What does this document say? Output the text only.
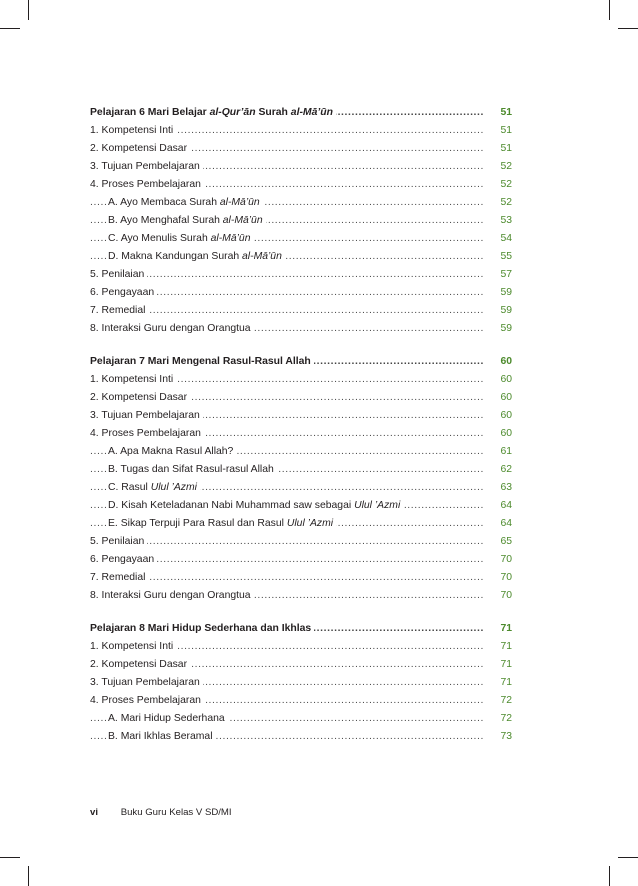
Pelajaran 6 Mari Belajar al-Qur’ān Surah al-Mā’ūn .....	51
1. Kompetensi Inti .....	51
2. Kompetensi Dasar .....	51
3. Tujuan Pembelajaran .....	52
4. Proses Pembelajaran .....	52
A. Ayo Membaca Surah al-Mā’ūn .....	52
B. Ayo Menghafal Surah al-Mā’ūn .....	53
C. Ayo Menulis Surah al-Mā’ūn .....	54
D. Makna Kandungan Surah al-Mā’ūn .....	55
5. Penilaian .....	57
6. Pengayaan .....	59
7. Remedial .....	59
8. Interaksi Guru dengan Orangtua .....	59
Pelajaran 7 Mari Mengenal Rasul-Rasul Allah .....	60
1. Kompetensi Inti .....	60
2. Kompetensi Dasar .....	60
3. Tujuan Pembelajaran .....	60
4. Proses Pembelajaran .....	60
A. Apa Makna Rasul Allah? .....	61
B. Tugas dan Sifat Rasul-rasul Allah .....	62
C. Rasul Ulul ’Azmi .....	63
D. Kisah Keteladanan Nabi Muhammad saw sebagai Ulul ’Azmi .....	64
E. Sikap Terpuji Para Rasul dan Rasul Ulul ’Azmi .....	64
5. Penilaian .....	65
6. Pengayaan .....	70
7. Remedial .....	70
8. Interaksi Guru dengan Orangtua .....	70
Pelajaran 8 Mari Hidup Sederhana dan Ikhlas .....	71
1. Kompetensi Inti .....	71
2. Kompetensi Dasar .....	71
3. Tujuan Pembelajaran .....	71
4. Proses Pembelajaran .....	72
A. Mari Hidup Sederhana .....	72
B. Mari Ikhlas Beramal .....	73
vi Buku Guru Kelas V SD/MI
